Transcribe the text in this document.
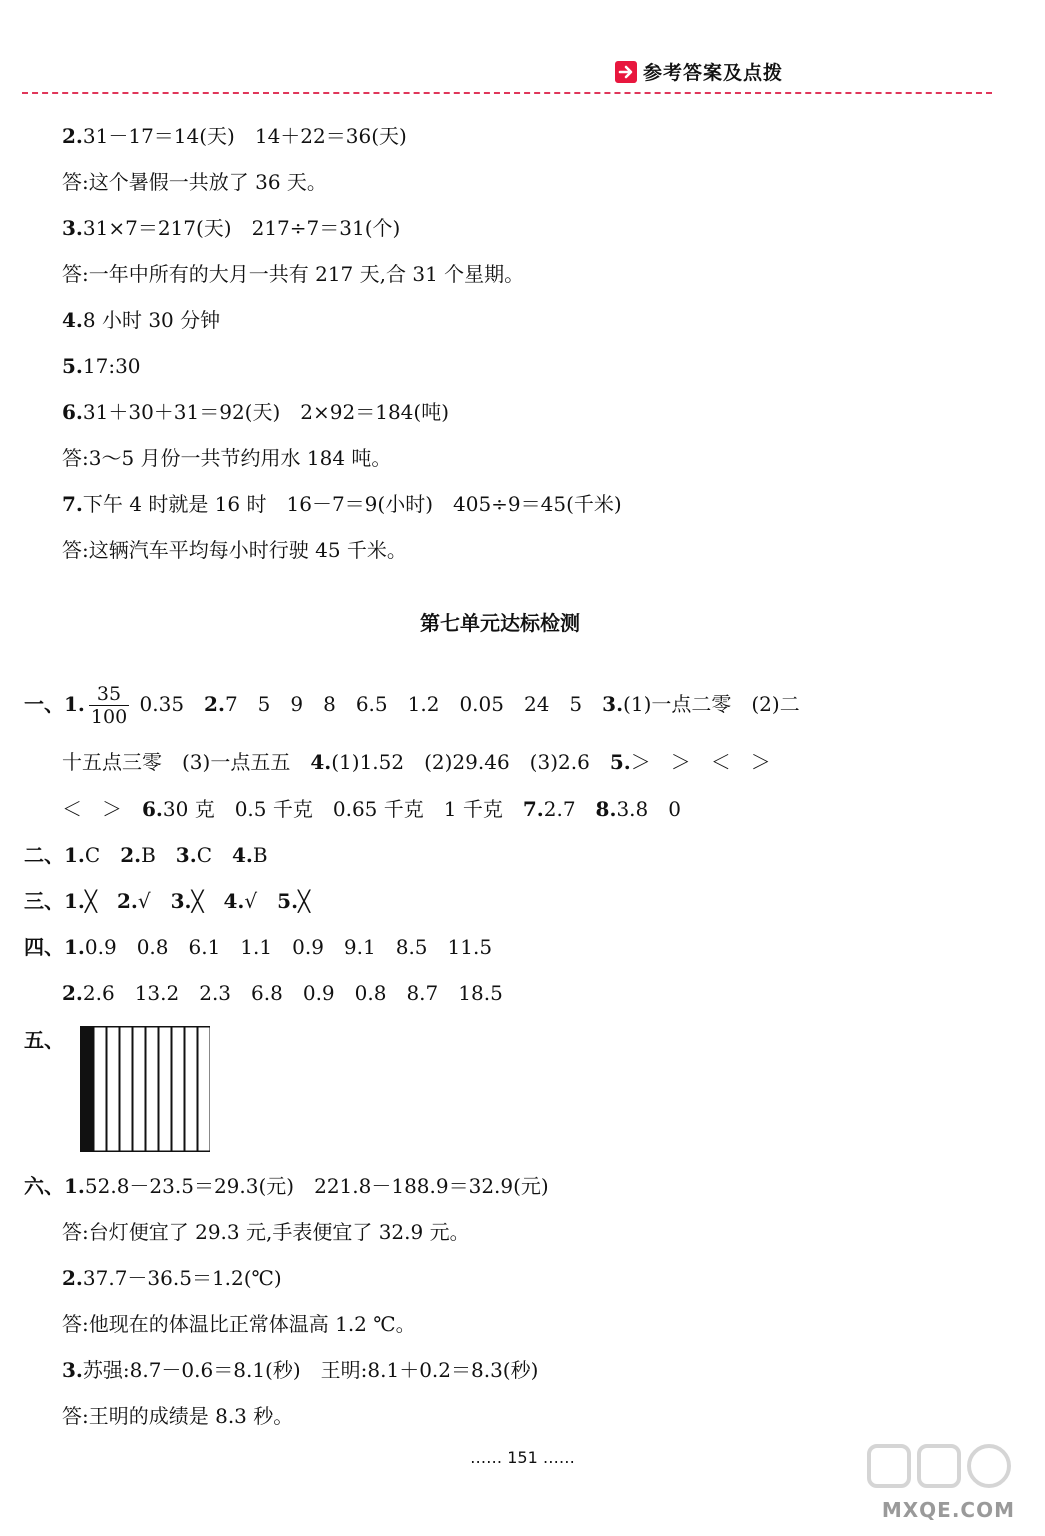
参考答案及点拨
2.31－17＝14(天)　14＋22＝36(天)
答:这个暑假一共放了 36 天。
3.31×7＝217(天)　217÷7＝31(个)
答:一年中所有的大月一共有 217 天,合 31 个星期。
4.8 小时 30 分钟
5.17:30
6.31＋30＋31＝92(天)　2×92＝184(吨)
答:3～5 月份一共节约用水 184 吨。
7.下午 4 时就是 16 时　16－7＝9(小时)　405÷9＝45(千米)
答:这辆汽车平均每小时行驶 45 千米。
第七单元达标检测
一、1. $\frac{35}{100} 0.35$　 2.7　5　9　8　6.5　1.2　0.05　24　5　 3.(1)一点二零　(2)二
十五点三零　(3)一点五五　 4.(1)1.52　(2)29.46　(3)2.6　 5.＞　＞　＜　＞
＜　＞　 6.30 克　0.5 千克　0.65 千克　1 千克　 7.2.7　 8.3.8　0
二、1.C　 2.B　 3.C　 4.B
三、1.╳　 2.√　 3.╳　 4.√　 5.╳
四、1.0.9　0.8　6.1　1.1　0.9　9.1　8.5　11.5
2.2.6　13.2　2.3　6.8　0.9　0.8　8.7　18.5
五、
六、1.52.8－23.5＝29.3(元)　221.8－188.9＝32.9(元)
答:台灯便宜了 29.3 元,手表便宜了 32.9 元。
2.37.7－36.5＝1.2(℃)
答:他现在的体温比正常体温高 1.2 ℃。
3.苏强:8.7－0.6＝8.1(秒)　王明:8.1＋0.2＝8.3(秒)
答:王明的成绩是 8.3 秒。
…… 151 ……
MXQE.COM
